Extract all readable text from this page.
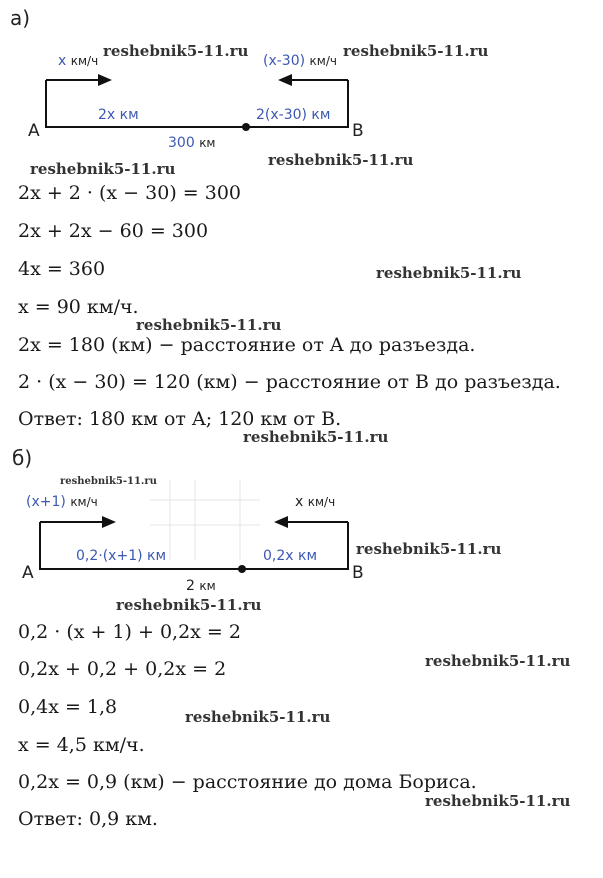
а)
x км/ч	(x-30) км/ч
2x км	2(x-30) км
A	B
300 км
2x + 2 · (x − 30) = 300
2x + 2x − 60 = 300
4x = 360
x = 90 км/ч.
2x = 180 (км) − расстояние от A до разъезда.
2 · (x − 30) = 120 (км) − расстояние от B до разъезда.
Ответ: 180 км от A; 120 км от B.
б)
(x+1) км/ч	x км/ч
0,2·(x+1) км	0,2x км
A	B
2 км
0,2 · (x + 1) + 0,2x = 2
0,2x + 0,2 + 0,2x = 2
0,4x = 1,8
x = 4,5 км/ч.
0,2x = 0,9 (км) − расстояние до дома Бориса.
Ответ: 0,9 км.
reshebnik5-11.ru	reshebnik5-11.ru
reshebnik5-11.ru	reshebnik5-11.ru
reshebnik5-11.ru
reshebnik5-11.ru
reshebnik5-11.ru
reshebnik5-11.ru
reshebnik5-11.ru
reshebnik5-11.ru
reshebnik5-11.ru
reshebnik5-11.ru
reshebnik5-11.ru
